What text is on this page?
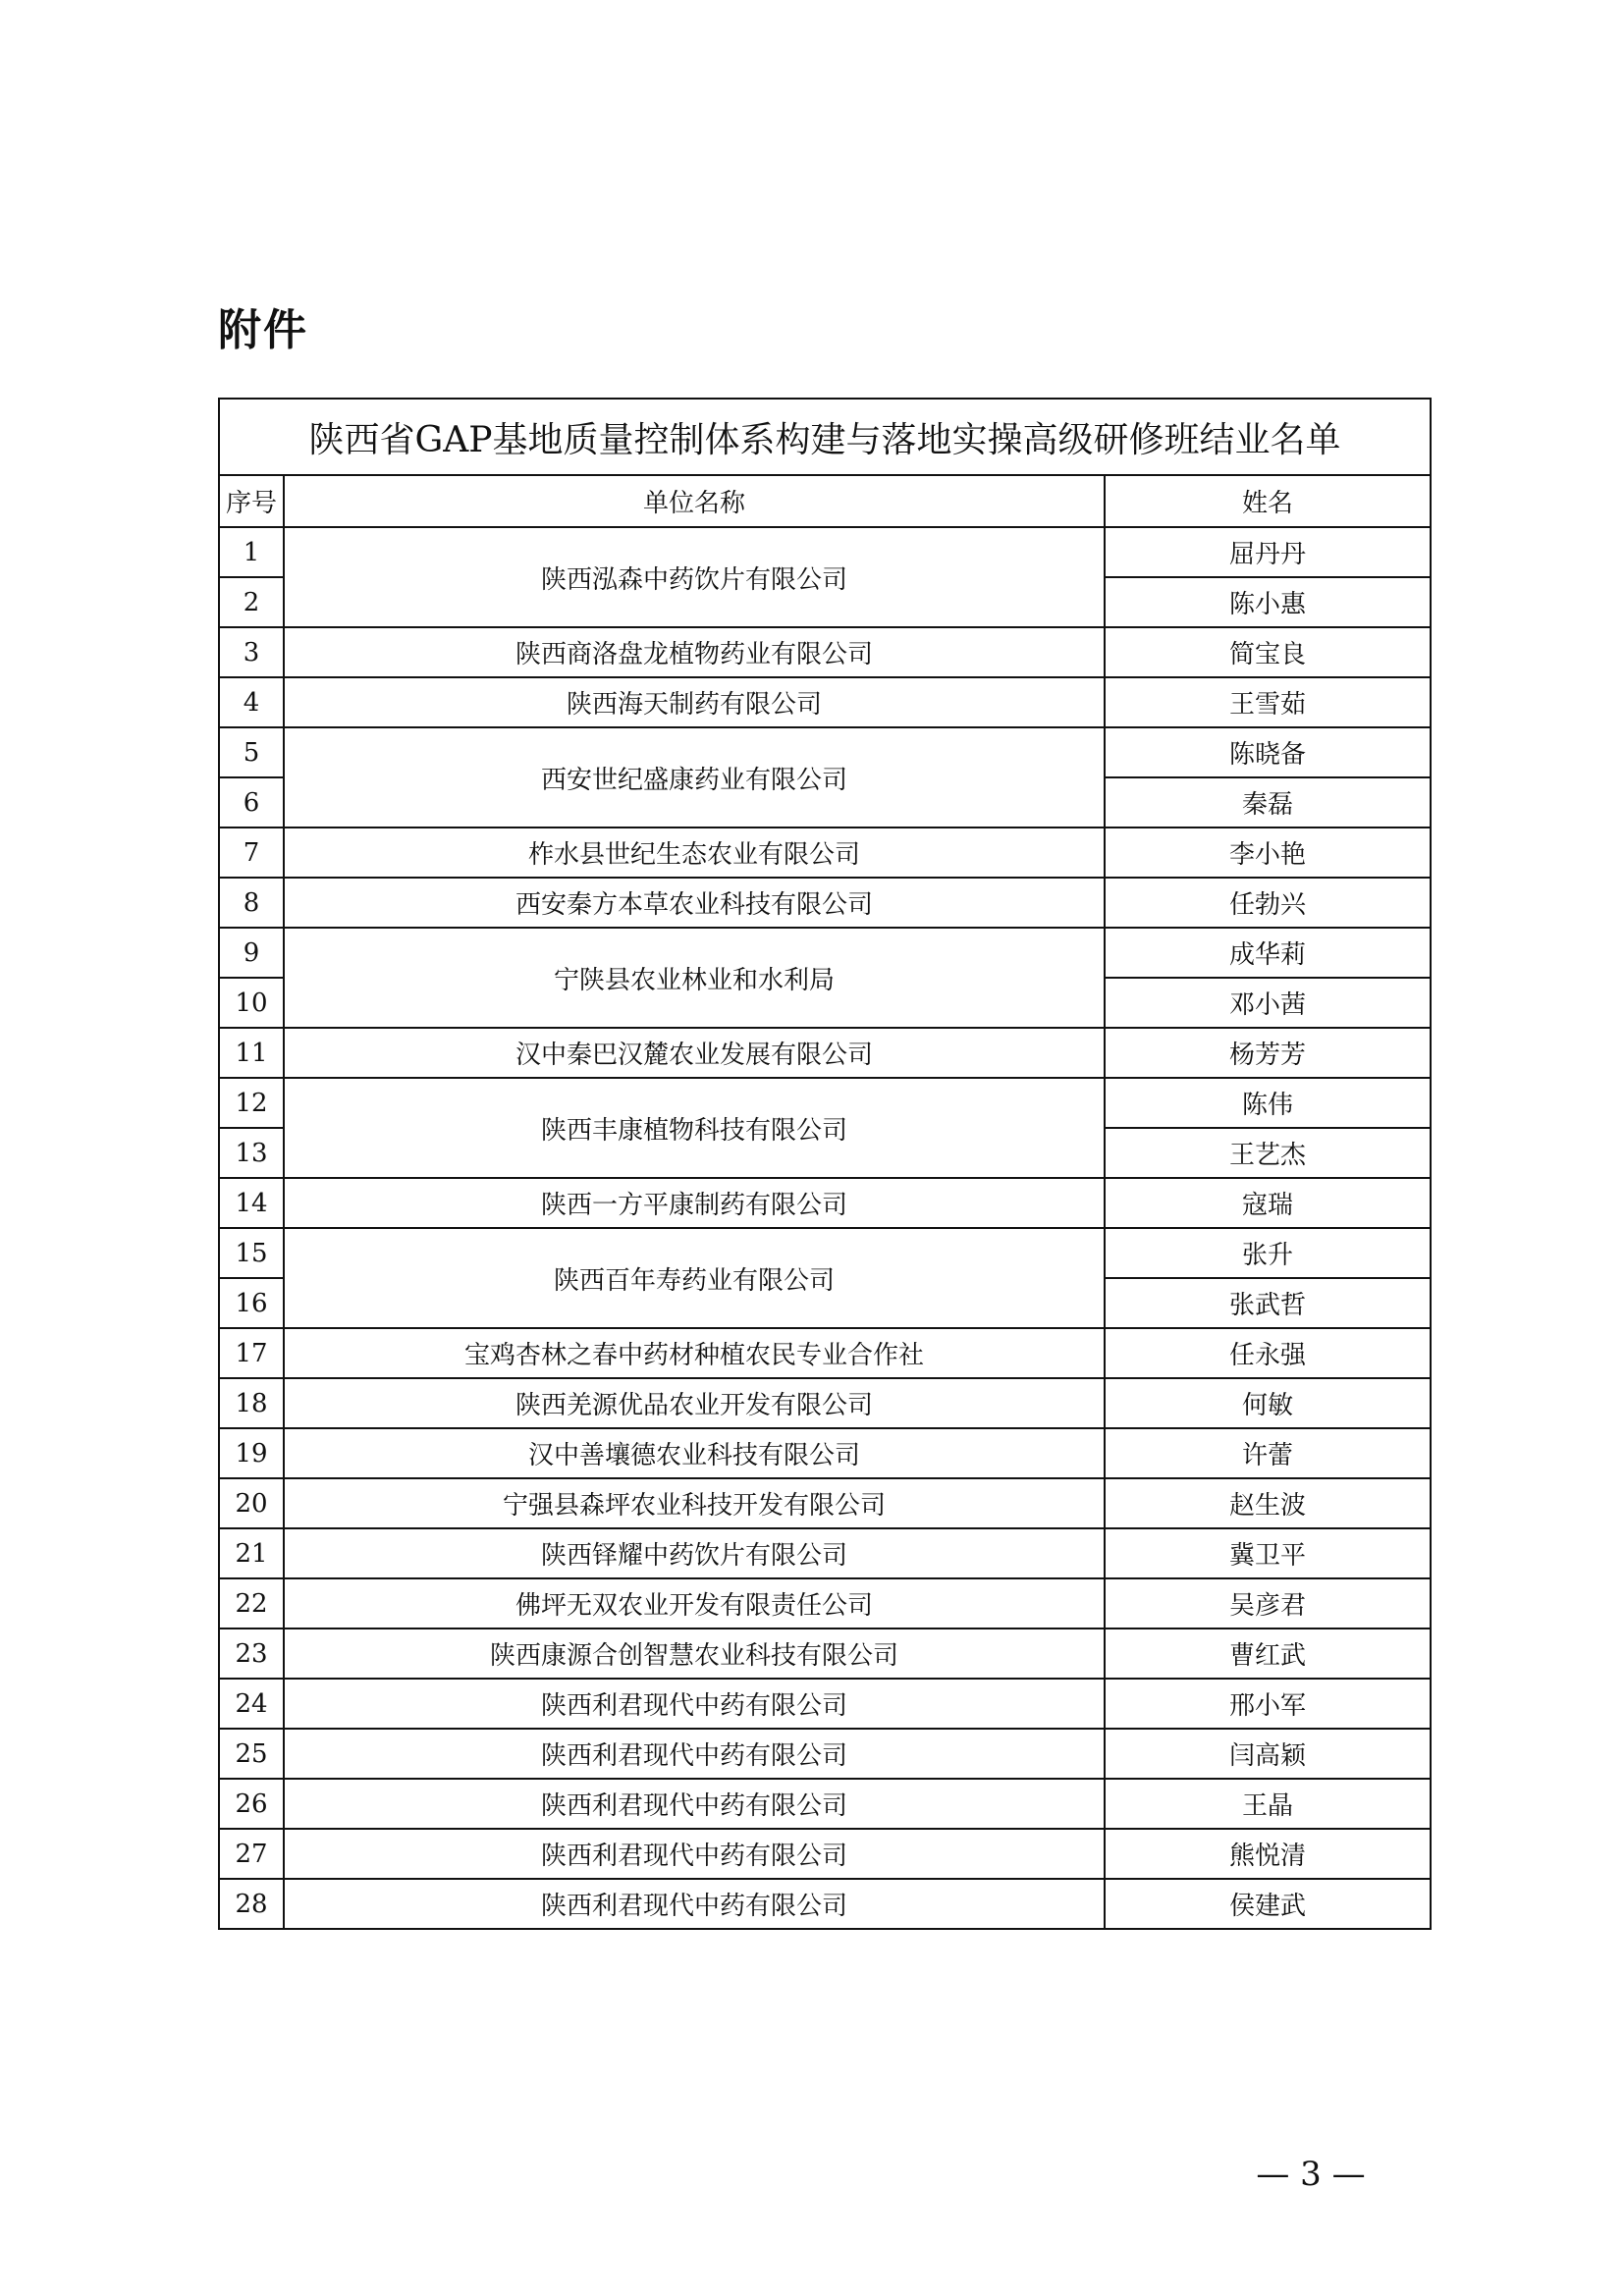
附件
陕西省GAP基地质量控制体系构建与落地实操高级研修班结业名单		
序号	单位名称	姓名
1	陕西泓森中药饮片有限公司	屈丹丹
2		陈小惠
3	陕西商洛盘龙植物药业有限公司	简宝良
4	陕西海天制药有限公司	王雪茹
5	西安世纪盛康药业有限公司	陈晓备
6		秦磊
7	柞水县世纪生态农业有限公司	李小艳
8	西安秦方本草农业科技有限公司	任勃兴
9	宁陕县农业林业和水利局	成华莉
10		邓小茜
11	汉中秦巴汉麓农业发展有限公司	杨芳芳
12	陕西丰康植物科技有限公司	陈伟
13		王艺杰
14	陕西一方平康制药有限公司	寇瑞
15	陕西百年寿药业有限公司	张升
16		张武哲
17	宝鸡杏林之春中药材种植农民专业合作社	任永强
18	陕西羌源优品农业开发有限公司	何敏
19	汉中善壤德农业科技有限公司	许蕾
20	宁强县森坪农业科技开发有限公司	赵生波
21	陕西铎耀中药饮片有限公司	冀卫平
22	佛坪无双农业开发有限责任公司	吴彦君
23	陕西康源合创智慧农业科技有限公司	曹红武
24	陕西利君现代中药有限公司	邢小军
25	陕西利君现代中药有限公司	闫高颖
26	陕西利君现代中药有限公司	王晶
27	陕西利君现代中药有限公司	熊悦清
28	陕西利君现代中药有限公司	侯建武
— 3 —
